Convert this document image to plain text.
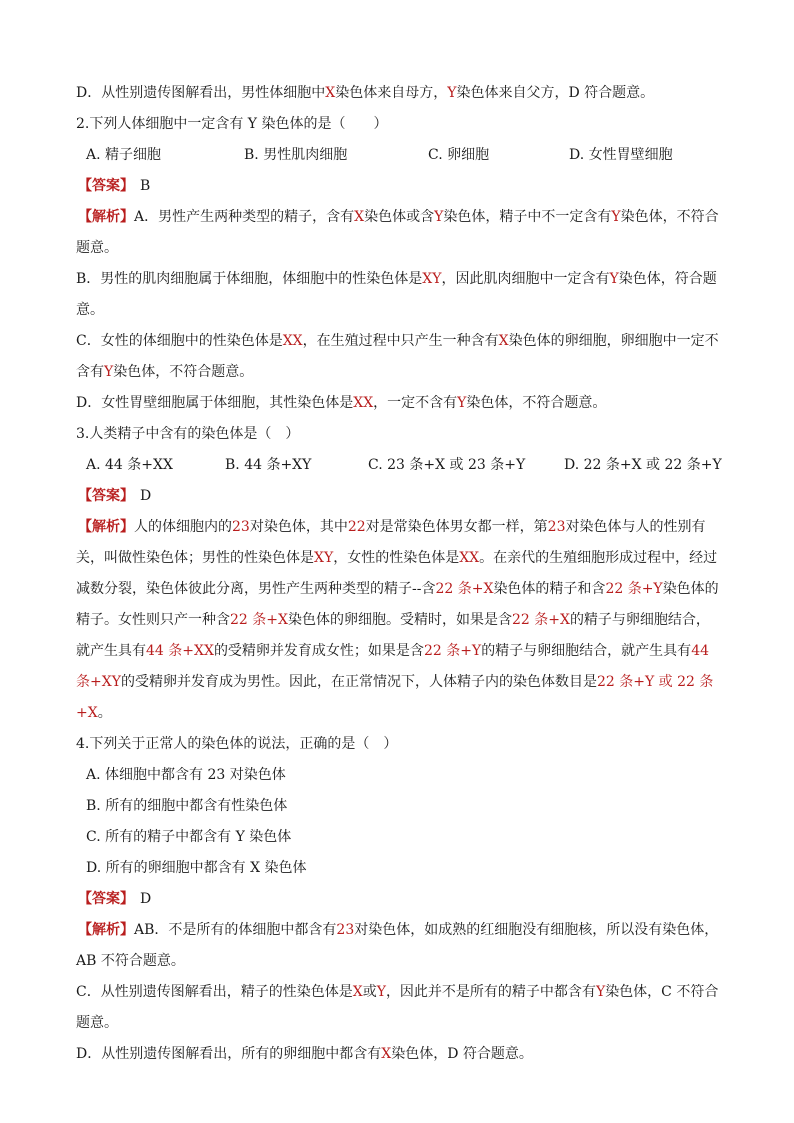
D．从性别遗传图解看出，男性体细胞中X染色体来自母方，Y染色体来自父方，D 符合题意。
2.下列人体细胞中一定含有 Y 染色体的是（　　）
A. 精子细胞	B. 男性肌肉细胞	C. 卵细胞	D. 女性胃壁细胞
【答案】 B
【解析】A．男性产生两种类型的精子，含有X染色体或含Y染色体，精子中不一定含有Y染色体，不符合题意。
B．男性的肌肉细胞属于体细胞，体细胞中的性染色体是XY，因此肌肉细胞中一定含有Y染色体，符合题意。
C．女性的体细胞中的性染色体是XX，在生殖过程中只产生一种含有X染色体的卵细胞，卵细胞中一定不含有Y染色体，不符合题意。
D．女性胃壁细胞属于体细胞，其性染色体是XX，一定不含有Y染色体，不符合题意。
3.人类精子中含有的染色体是（　）
A. 44 条+XX	B. 44 条+XY	C. 23 条+X 或 23 条+Y	D. 22 条+X 或 22 条+Y
【答案】 D
【解析】人的体细胞内的23对染色体，其中22对是常染色体男女都一样，第23对染色体与人的性别有关，叫做性染色体；男性的性染色体是XY，女性的性染色体是XX。在亲代的生殖细胞形成过程中，经过减数分裂，染色体彼此分离，男性产生两种类型的精子--含22 条+X染色体的精子和含22 条+Y染色体的精子。女性则只产一种含22 条+X染色体的卵细胞。受精时，如果是含22 条+X的精子与卵细胞结合，就产生具有44 条+XX的受精卵并发育成女性；如果是含22 条+Y的精子与卵细胞结合，就产生具有44 条+XY的受精卵并发育成为男性。因此，在正常情况下，人体精子内的染色体数目是22 条+Y 或 22 条+X。
4.下列关于正常人的染色体的说法，正确的是（　）
A. 体细胞中都含有 23 对染色体
B. 所有的细胞中都含有性染色体
C. 所有的精子中都含有 Y 染色体
D. 所有的卵细胞中都含有 X 染色体
【答案】 D
【解析】AB．不是所有的体细胞中都含有23对染色体，如成熟的红细胞没有细胞核，所以没有染色体，AB 不符合题意。
C．从性别遗传图解看出，精子的性染色体是X或Y，因此并不是所有的精子中都含有Y染色体，C 不符合题意。
D．从性别遗传图解看出，所有的卵细胞中都含有X染色体，D 符合题意。
